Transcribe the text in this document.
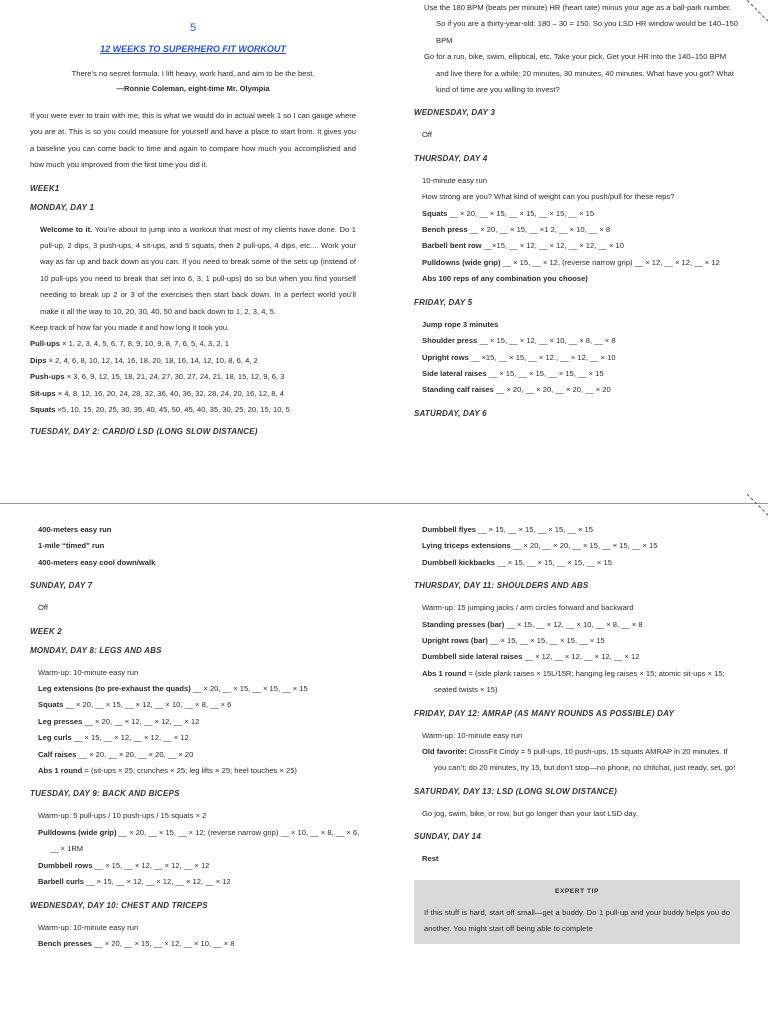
5
12 WEEKS TO SUPERHERO FIT WORKOUT
There’s no secret formula. I lift heavy, work hard, and aim to be the best.
—Ronnie Coleman, eight-time Mr. Olympia

If you were ever to train with me, this is what we would do in actual week 1 so I can gauge where you are at. This is so you could measure for yourself and have a place to start from. It gives you a baseline you can come back to time and again to compare how much you accomplished and how much you improved from the first time you did it.

WEEK1
MONDAY, DAY 1

Welcome to it. You’re about to jump into a workout that most of my clients have done. Do 1 pull-up, 2 dips, 3 push-ups, 4 sit-ups, and 5 squats, then 2 pull-ups, 4 dips, etc.... Work your way as far up and back down as you can. If you need to break some of the sets up (instead of 10 pull-ups you need to break that set into 6, 3, 1 pull-ups) do so but when you find yourself needing to break up 2 or 3 of the exercises then start back down. In a perfect world you’ll make it all the way to 10, 20, 30, 40, 50 and back down to 1, 2, 3, 4, 5.

Keep track of how far you made it and how long it took you.

Pull-ups × 1, 2, 3, 4, 5, 6, 7, 8, 9, 10, 9, 8, 7, 6, 5, 4, 3, 2, 1
Dips × 2, 4, 6, 8, 10, 12, 14, 16, 18, 20, 18, 16, 14, 12, 10, 8, 6, 4, 2
Push-ups × 3, 6, 9, 12, 15, 18, 21, 24, 27, 30, 27, 24, 21, 18, 15, 12, 9, 6, 3
Sit-ups × 4, 8, 12, 16, 20, 24, 28, 32, 36, 40, 36, 32, 28, 24, 20, 16, 12, 8, 4
Squats ×5, 10, 15, 20, 25, 30, 35, 40, 45, 50, 45, 40, 35, 30, 25, 20, 15, 10, 5
TUESDAY, DAY 2: CARDIO LSD (LONG SLOW DISTANCE)

Use the 180 BPM (beats per minute) HR (heart rate) minus your age as a ball-park number. So if you are a thirty-year-old: 180 – 30 = 150. So you LSD HR window would be 140–150 BPM

Go for a run, bike, swim, elliptical, etc. Take your pick. Get your HR into the 140–150 BPM and live there for a while: 20 minutes, 30 minutes, 40 minutes. What have you got? What kind of time are you willing to invest?

WEDNESDAY, DAY 3
Off
THURSDAY, DAY 4
10-minute easy run
How strong are you? What kind of weight can you push/pull for these reps?
Squats __ × 20, __ × 15, __ × 15, __ × 15, __ × 15
Bench press __ × 20, __ × 15, __ ×1 2, __ × 10, __ × 8
Barbell bent row __×15, __ × 12, __ × 12, __ × 12, __ × 10
Pulldowns (wide grip) __ × 15, __ × 12, (reverse narrow grip) __ × 12, __ × 12, __ × 12
Abs 100 reps of any combination you choose)
FRIDAY, DAY 5
Jump rope 3 minutes
Shoulder press __ × 15, __ × 12, __ × 10, __ × 8, __ × 8
Upright rows __ ×15, __ × 15, __ × 12., __ × 12, __ × 10
Side lateral raises __ × 15, __ × 15, __ × 15, __ × 15
Standing calf raises __ × 20, __ × 20, __ × 20, __ × 20
SATURDAY, DAY 6
400-meters easy run
1-mile “timed” run
400-meters easy cool down/walk
SUNDAY, DAY 7
Off
WEEK 2
MONDAY, DAY 8: LEGS AND ABS
Warm-up: 10-minute easy run
Leg extensions (to pre-exhaust the quads) __ × 20, __ × 15, __ × 15, __ × 15
Squats __ × 20, __ × 15, __ × 12, __ × 10, __ × 8, __ × 6
Leg presses __ × 20, __ × 12, __ × 12, __ × 12
Leg curls __ × 15, __ × 12, __ × 12, __ × 12
Calf raises __ × 20, __ × 20, __ × 20, __ × 20
Abs 1 round = (sit-ups × 25; crunches × 25; leg lifts × 25; heel touches × 25)
TUESDAY, DAY 9: BACK AND BICEPS
Warm-up: 5 pull-ups / 10 push-ups / 15 squats × 2
Pulldowns (wide grip) __ × 20, __ × 15, __ × 12; (reverse narrow grip) __ × 10, __ × 8, __ × 6, __ × 1RM
Dumbbell rows __ × 15, __ × 12, __ × 12, __ × 12
Barbell curls __ × 15, __ × 12, __ × 12, __ × 12, __ × 12
WEDNESDAY, DAY 10: CHEST AND TRICEPS
Warm-up: 10-minute easy run
Bench presses __ × 20, __ × 15, __ × 12, __ × 10, __ × 8
Dumbbell flyes __ × 15, __ × 15, __ × 15, __ × 15
Lying triceps extensions __ × 20, __ × 20, __ × 15, __ × 15, __ × 15
Dumbbell kickbacks __ × 15, __ × 15, __ × 15, __ × 15
THURSDAY, DAY 11: SHOULDERS AND ABS
Warm-up: 15 jumping jacks / arm circles forward and backward
Standing presses (bar) __ × 15, __ × 12, __ × 10, __ × 8, __ × 8
Upright rows (bar) __ × 15, __ × 15, __ × 15, __ × 15
Dumbbell side lateral raises __ × 12, __ × 12, __ × 12, __ × 12
Abs 1 round = (side plank raises × 15L/15R; hanging leg raises × 15; atomic sit-ups × 15; seated twists × 15)
FRIDAY, DAY 12: AMRAP (AS MANY ROUNDS AS POSSIBLE) DAY
Warm-up: 10-minute easy run
Old favorite: CrossFit Cindy = 5 pull-ups, 10 push-ups, 15 squats AMRAP in 20 minutes. If you can’t; do 20 minutes, try 15, but don’t stop—no phone, no chitchat, just ready, set, go!
SATURDAY, DAY 13: LSD (LONG SLOW DISTANCE)
Go jog, swim, bike, or row, but go longer than your last LSD day.
SUNDAY, DAY 14
Rest
EXPERT TIP
If this stuff is hard, start off small—get a buddy. Do 1 pull-up and your buddy helps you do another. You might start off being able to complete
